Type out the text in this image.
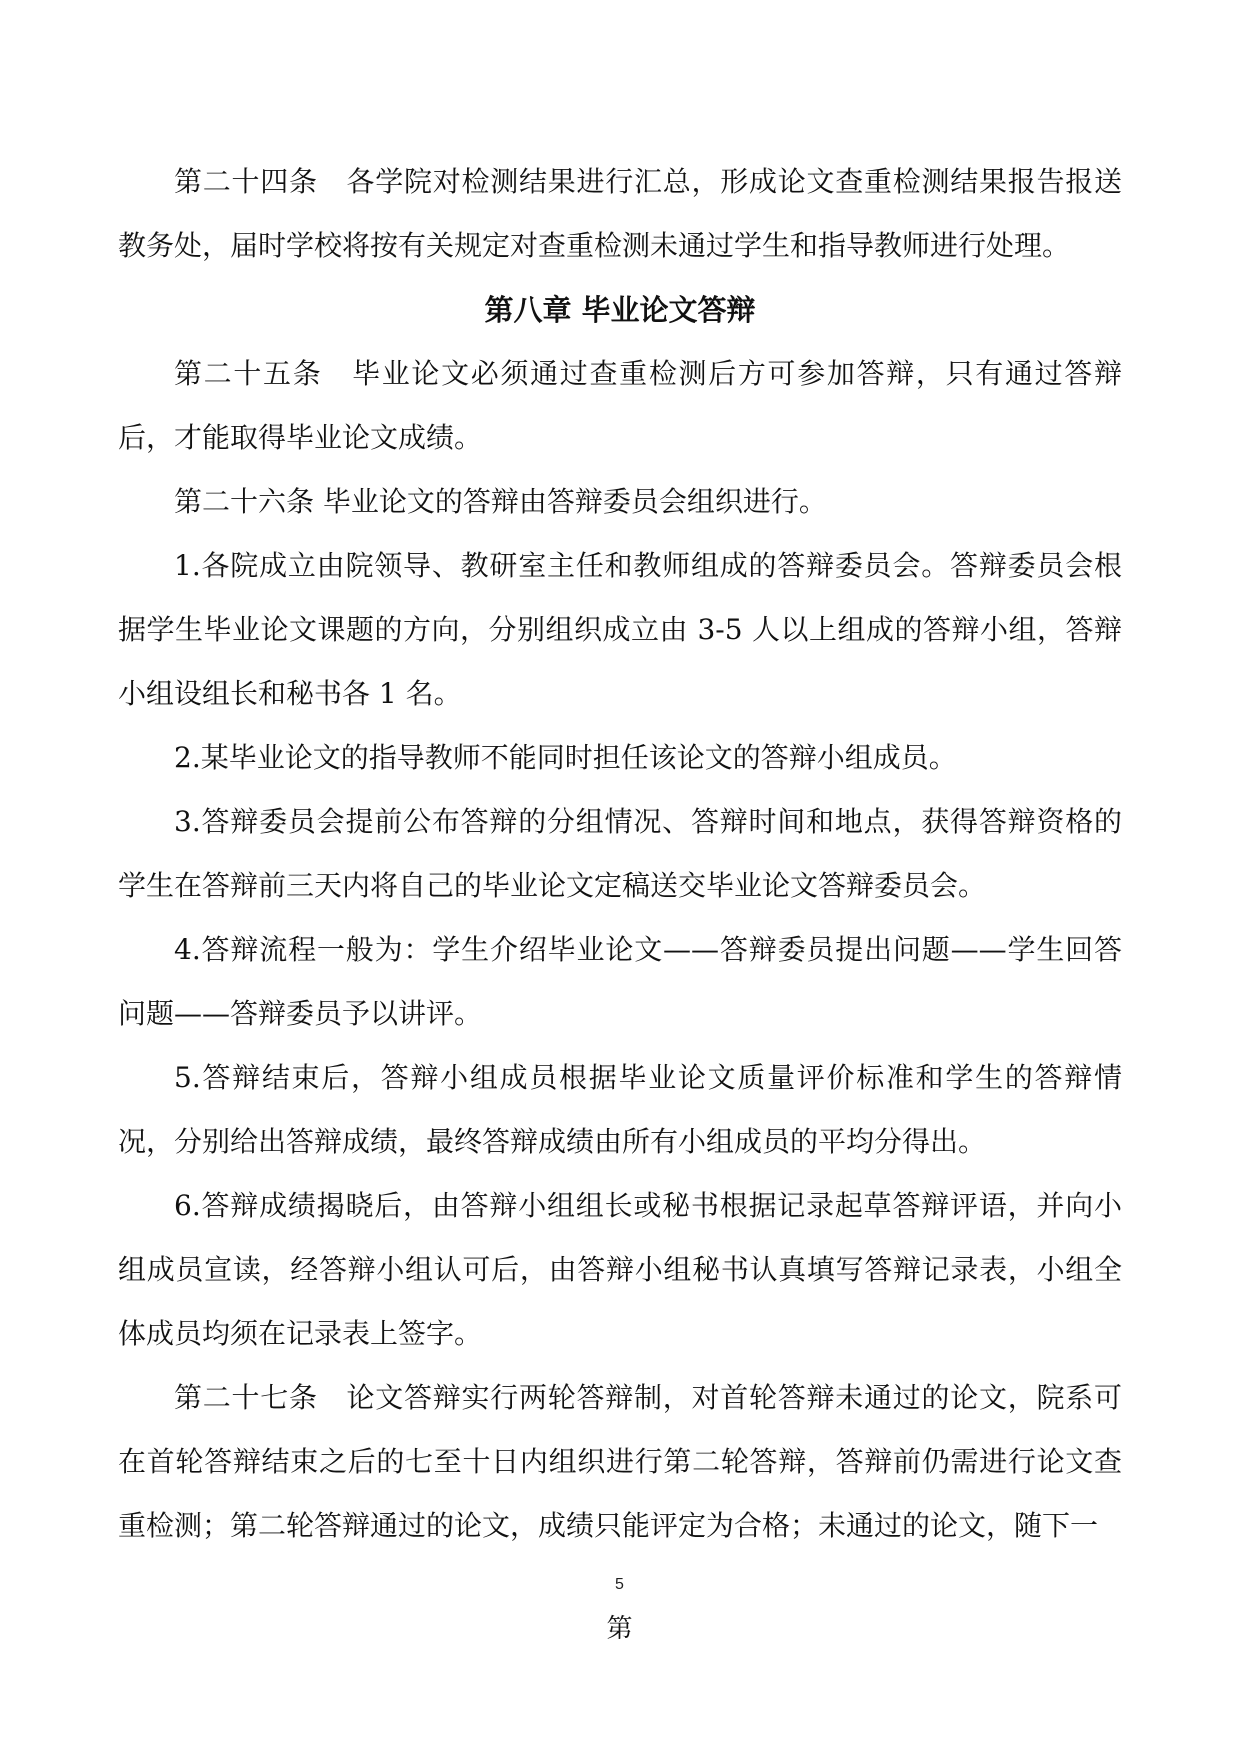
第二十四条 各学院对检测结果进行汇总，形成论文查重检测结果报告报送教务处，届时学校将按有关规定对查重检测未通过学生和指导教师进行处理。

第八章 毕业论文答辩

第二十五条 毕业论文必须通过查重检测后方可参加答辩，只有通过答辩后，才能取得毕业论文成绩。

第二十六条 毕业论文的答辩由答辩委员会组织进行。

1.各院成立由院领导、教研室主任和教师组成的答辩委员会。答辩委员会根据学生毕业论文课题的方向，分别组织成立由 3-5 人以上组成的答辩小组，答辩小组设组长和秘书各 1 名。

2.某毕业论文的指导教师不能同时担任该论文的答辩小组成员。

3.答辩委员会提前公布答辩的分组情况、答辩时间和地点，获得答辩资格的学生在答辩前三天内将自己的毕业论文定稿送交毕业论文答辩委员会。

4.答辩流程一般为：学生介绍毕业论文——答辩委员提出问题——学生回答问题——答辩委员予以讲评。

5.答辩结束后，答辩小组成员根据毕业论文质量评价标准和学生的答辩情况，分别给出答辩成绩，最终答辩成绩由所有小组成员的平均分得出。

6.答辩成绩揭晓后，由答辩小组组长或秘书根据记录起草答辩评语，并向小组成员宣读，经答辩小组认可后，由答辩小组秘书认真填写答辩记录表，小组全体成员均须在记录表上签字。

第二十七条 论文答辩实行两轮答辩制，对首轮答辩未通过的论文，院系可在首轮答辩结束之后的七至十日内组织进行第二轮答辩，答辩前仍需进行论文查重检测；第二轮答辩通过的论文，成绩只能评定为合格；未通过的论文，随下一

5
第
